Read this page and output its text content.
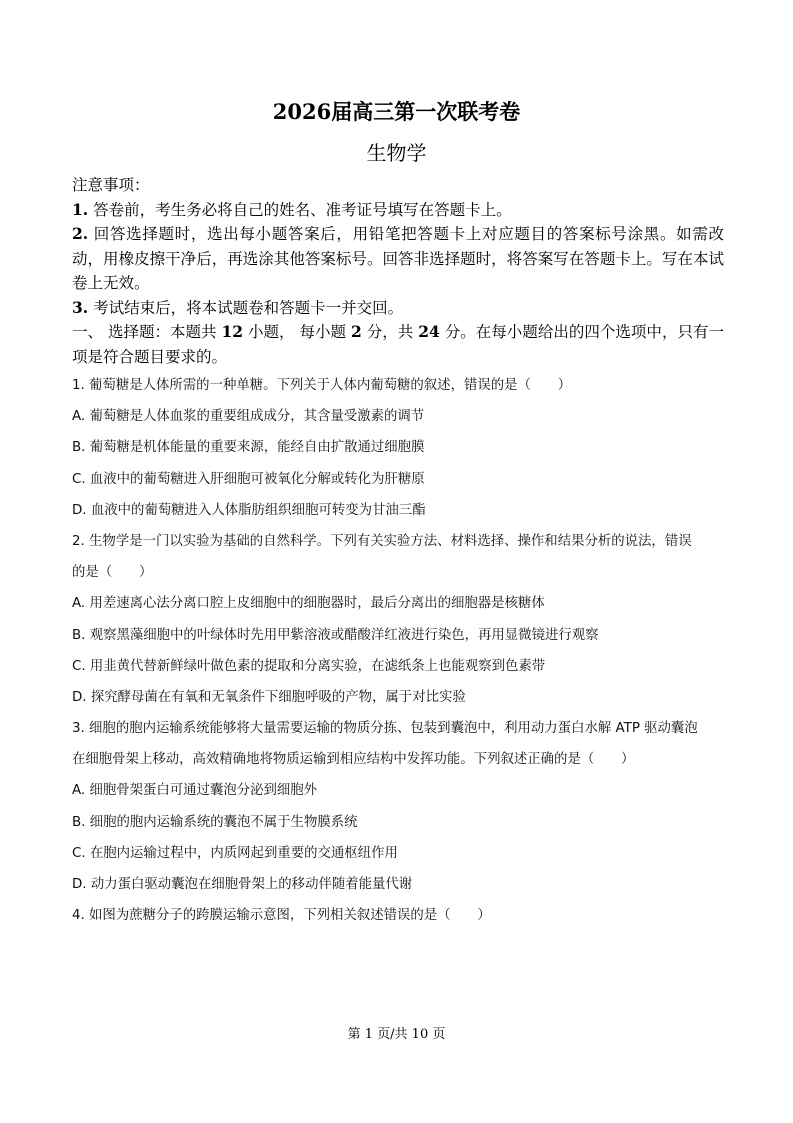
2026届高三第一次联考卷
生物学

注意事项：

1. 答卷前，考生务必将自己的姓名、准考证号填写在答题卡上。

2. 回答选择题时，选出每小题答案后，用铅笔把答题卡上对应题目的答案标号涂黑。如需改动，用橡皮擦干净后，再选涂其他答案标号。回答非选择题时，将答案写在答题卡上。写在本试卷上无效。

3. 考试结束后，将本试题卷和答题卡一并交回。

一、 选择题：本题共 12 小题， 每小题 2 分，共 24 分。在每小题给出的四个选项中，只有一项是符合题目要求的。

1. 葡萄糖是人体所需的一种单糖。下列关于人体内葡萄糖的叙述，错误的是（　　）
A. 葡萄糖是人体血浆的重要组成成分，其含量受激素的调节
B. 葡萄糖是机体能量的重要来源，能经自由扩散通过细胞膜
C. 血液中的葡萄糖进入肝细胞可被氧化分解或转化为肝糖原
D. 血液中的葡萄糖进入人体脂肪组织细胞可转变为甘油三酯
2. 生物学是一门以实验为基础的自然科学。下列有关实验方法、材料选择、操作和结果分析的说法，错误
的是（　　）
A. 用差速离心法分离口腔上皮细胞中的细胞器时，最后分离出的细胞器是核糖体
B. 观察黑藻细胞中的叶绿体时先用甲紫溶液或醋酸洋红液进行染色，再用显微镜进行观察
C. 用韭黄代替新鲜绿叶做色素的提取和分离实验，在滤纸条上也能观察到色素带
D. 探究酵母菌在有氧和无氧条件下细胞呼吸的产物，属于对比实验
3. 细胞的胞内运输系统能够将大量需要运输的物质分拣、包装到囊泡中，利用动力蛋白水解 ATP 驱动囊泡
在细胞骨架上移动，高效精确地将物质运输到相应结构中发挥功能。下列叙述正确的是（　　）
A. 细胞骨架蛋白可通过囊泡分泌到细胞外
B. 细胞的胞内运输系统的囊泡不属于生物膜系统
C. 在胞内运输过程中，内质网起到重要的交通枢纽作用
D. 动力蛋白驱动囊泡在细胞骨架上的移动伴随着能量代谢
4. 如图为蔗糖分子的跨膜运输示意图，下列相关叙述错误的是（　　）
第 1 页/共 10 页
